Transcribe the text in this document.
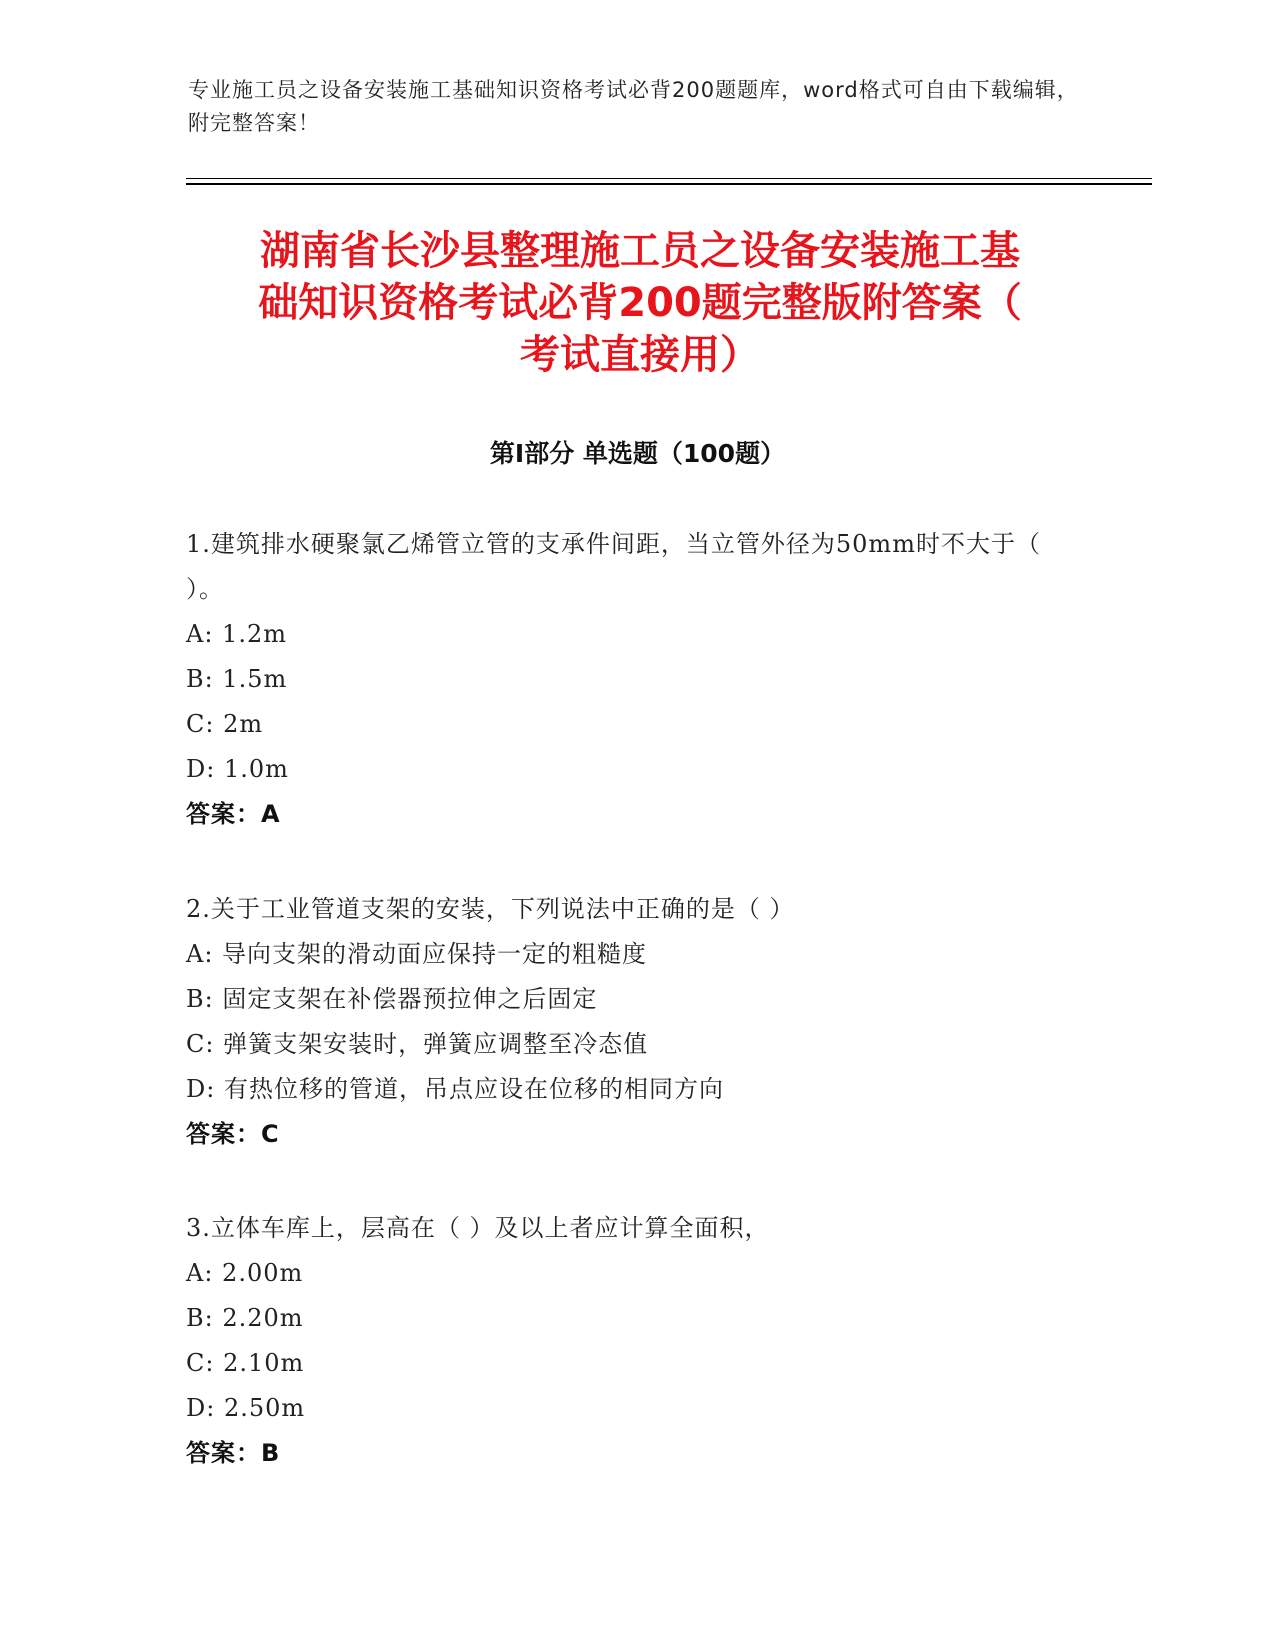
专业施工员之设备安装施工基础知识资格考试必背200题题库，word格式可自由下载编辑，附完整答案！
湖南省长沙县整理施工员之设备安装施工基
础知识资格考试必背200题完整版附答案（
考试直接用）
第I部分 单选题（100题）

1.建筑排水硬聚氯乙烯管立管的支承件间距，当立管外径为50mm时不大于（ ）。

A: 1.2m

B: 1.5m

C: 2m

D: 1.0m

答案：A

2.关于工业管道支架的安装，下列说法中正确的是（ ）

A: 导向支架的滑动面应保持一定的粗糙度

B: 固定支架在补偿器预拉伸之后固定

C: 弹簧支架安装时，弹簧应调整至冷态值

D: 有热位移的管道，吊点应设在位移的相同方向

答案：C

3.立体车库上，层高在（ ）及以上者应计算全面积，

A: 2.00m

B: 2.20m

C: 2.10m

D: 2.50m

答案：B
